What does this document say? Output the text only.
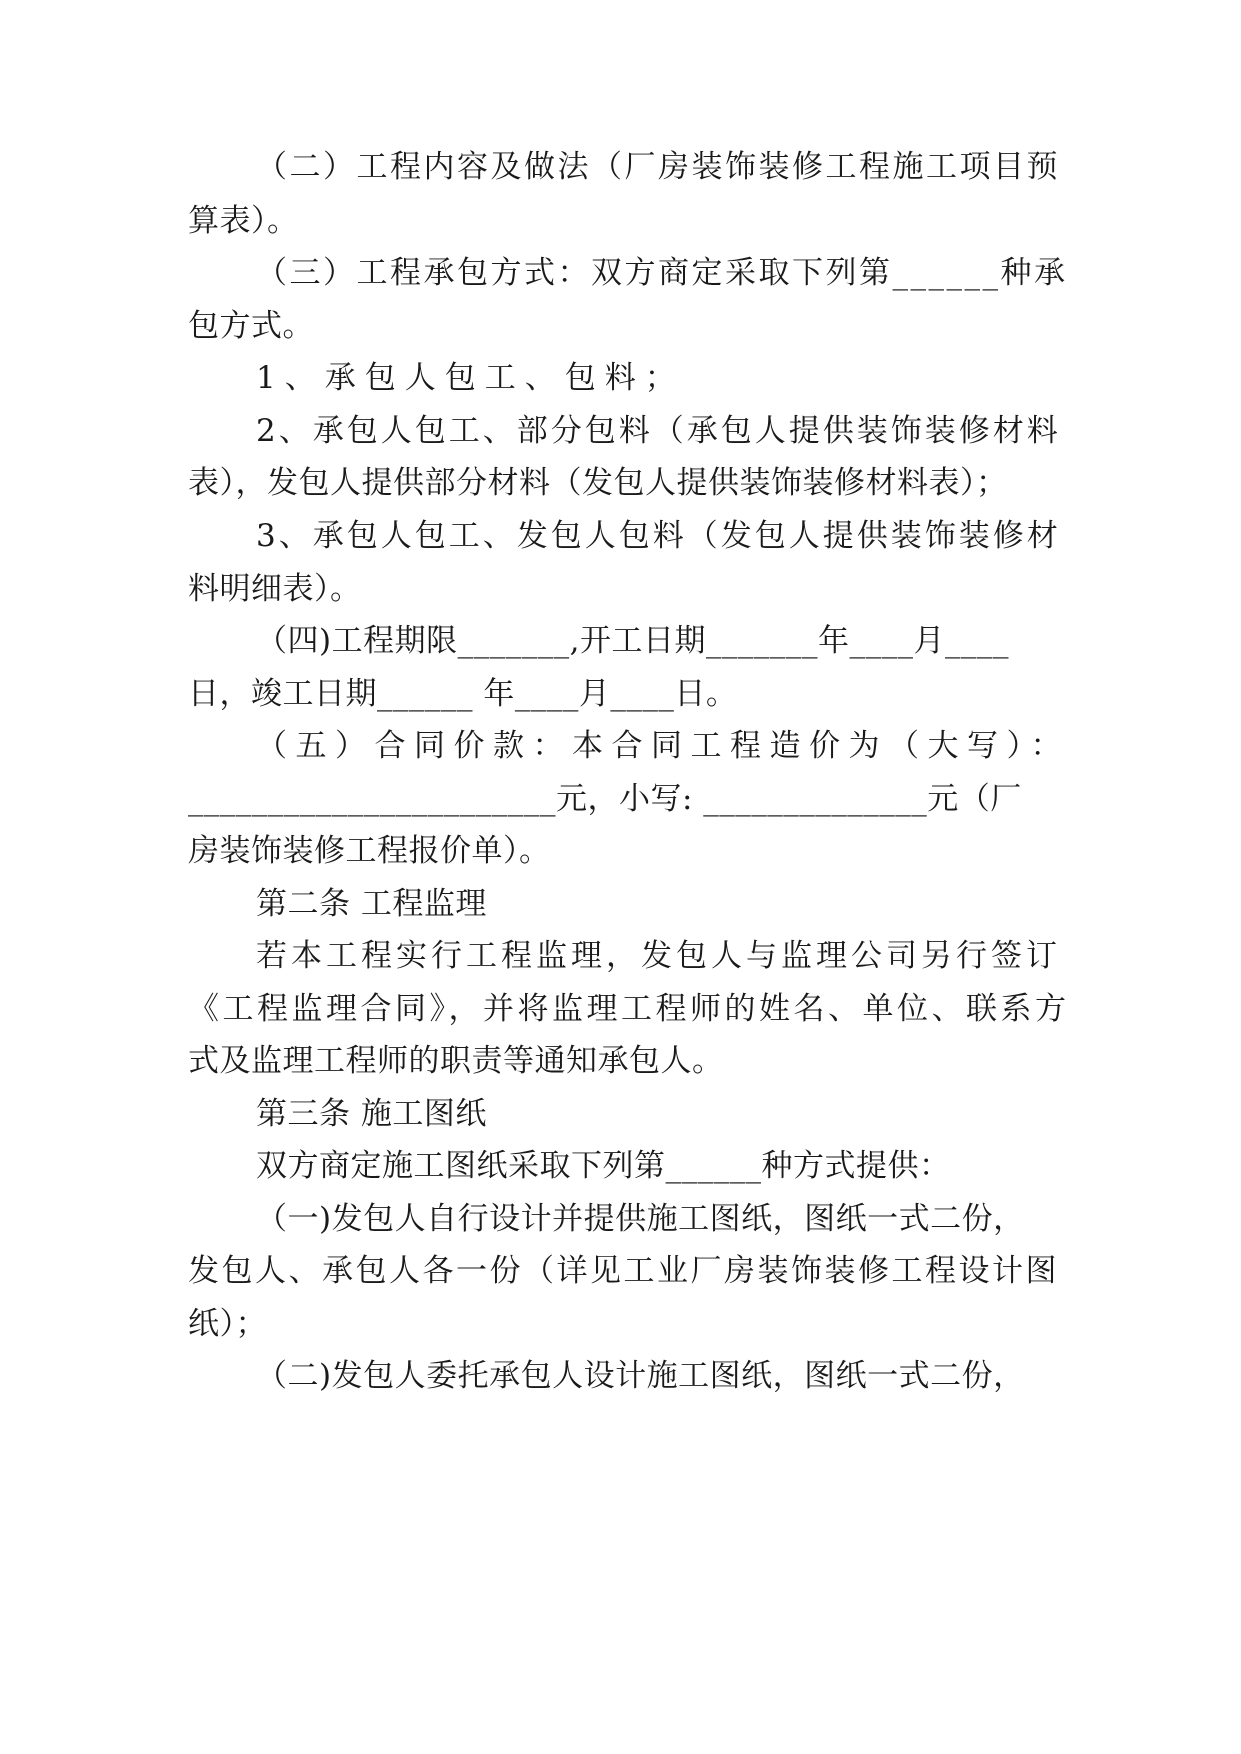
（二）工程内容及做法（厂房装饰装修工程施工项目预
算表）。
（三）工程承包方式：双方商定采取下列第______种承
包方式。
1、承包人包工、包料；
2、承包人包工、部分包料（承包人提供装饰装修材料
表），发包人提供部分材料（发包人提供装饰装修材料表）；
3、承包人包工、发包人包料（发包人提供装饰装修材
料明细表）。
（四)工程期限_______,开工日期_______年____月____
日，竣工日期______ 年____月____日。
（五）合同价款：本合同工程造价为（大写）：
_______________________元，小写: ______________元（厂
房装饰装修工程报价单）。
第二条 工程监理
若本工程实行工程监理，发包人与监理公司另行签订
《工程监理合同》，并将监理工程师的姓名、单位、联系方
式及监理工程师的职责等通知承包人。
第三条 施工图纸
双方商定施工图纸采取下列第______种方式提供：
（一)发包人自行设计并提供施工图纸，图纸一式二份，
发包人、承包人各一份（详见工业厂房装饰装修工程设计图
纸）；
（二)发包人委托承包人设计施工图纸，图纸一式二份，
